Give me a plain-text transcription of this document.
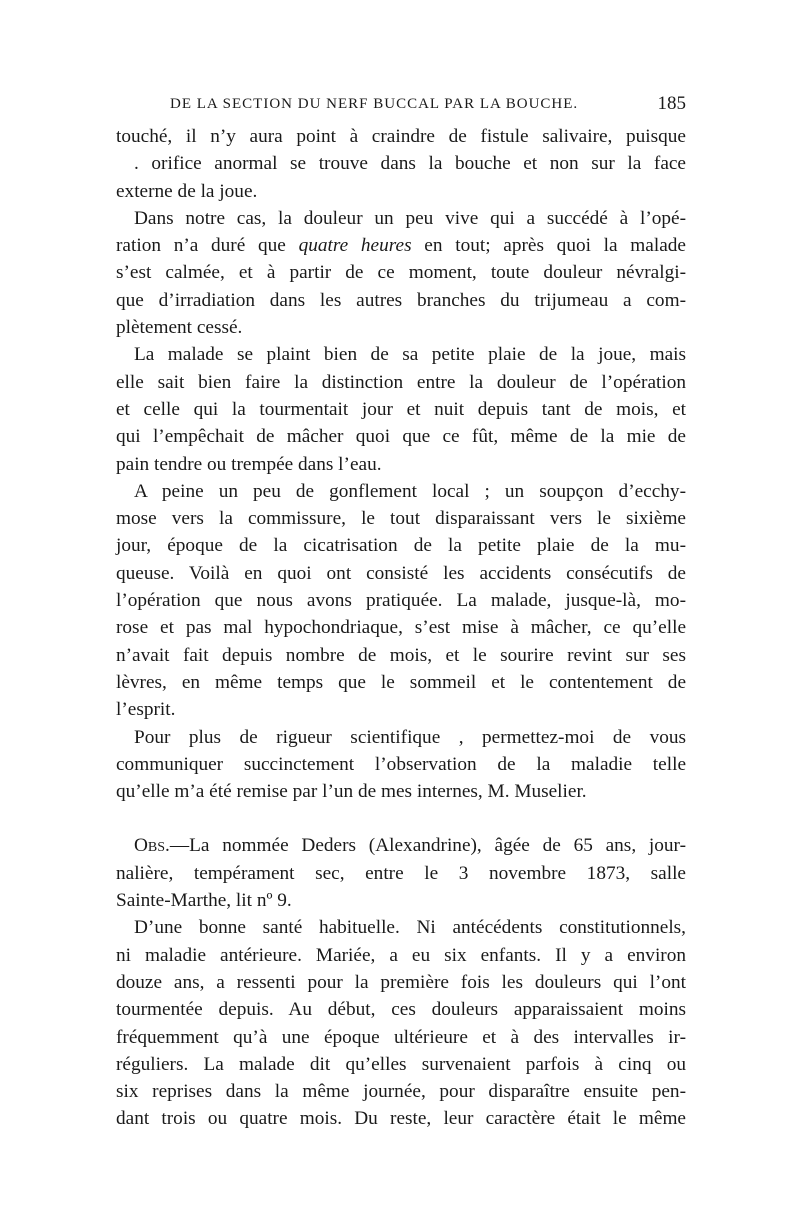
DE LA SECTION DU NERF BUCCAL PAR LA BOUCHE.	185
touché, il n’y aura point à craindre de fistule salivaire, puisque
. orifice anormal se trouve dans la bouche et non sur la face
externe de la joue.
Dans notre cas, la douleur un peu vive qui a succédé à l’opé-
ration n’a duré que quatre heures en tout; après quoi la malade
s’est calmée, et à partir de ce moment, toute douleur névralgi-
que d’irradiation dans les autres branches du trijumeau a com-
plètement cessé.
La malade se plaint bien de sa petite plaie de la joue, mais
elle sait bien faire la distinction entre la douleur de l’opération
et celle qui la tourmentait jour et nuit depuis tant de mois, et
qui l’empêchait de mâcher quoi que ce fût, même de la mie de
pain tendre ou trempée dans l’eau.
A peine un peu de gonflement local ; un soupçon d’ecchy-
mose vers la commissure, le tout disparaissant vers le sixième
jour, époque de la cicatrisation de la petite plaie de la mu-
queuse. Voilà en quoi ont consisté les accidents consécutifs de
l’opération que nous avons pratiquée. La malade, jusque-là, mo-
rose et pas mal hypochondriaque, s’est mise à mâcher, ce qu’elle
n’avait fait depuis nombre de mois, et le sourire revint sur ses
lèvres, en même temps que le sommeil et le contentement de
l’esprit.
Pour plus de rigueur scientifique , permettez-moi de vous
communiquer succinctement l’observation de la maladie telle
qu’elle m’a été remise par l’un de mes internes, M. Muselier.
Obs.—La nommée Deders (Alexandrine), âgée de 65 ans, jour-
nalière, tempérament sec, entre le 3 novembre 1873, salle
Sainte-Marthe, lit nº 9.
D’une bonne santé habituelle. Ni antécédents constitutionnels,
ni maladie antérieure. Mariée, a eu six enfants. Il y a environ
douze ans, a ressenti pour la première fois les douleurs qui l’ont
tourmentée depuis. Au début, ces douleurs apparaissaient moins
fréquemment qu’à une époque ultérieure et à des intervalles ir-
réguliers. La malade dit qu’elles survenaient parfois à cinq ou
six reprises dans la même journée, pour disparaître ensuite pen-
dant trois ou quatre mois. Du reste, leur caractère était le même
